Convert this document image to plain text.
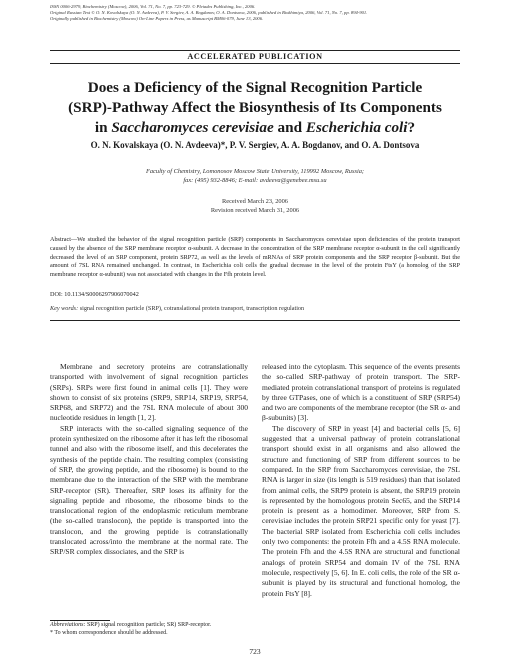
ISSN 0006-2979, Biochemistry (Moscow), 2006, Vol. 71, No. 7, pp. 723-729. © Pleiades Publishing, Inc., 2006.
Original Russian Text © O. N. Kovalskaya (O. N. Avdeeva), P. V. Sergiev, A. A. Bogdanov, O. A. Dontsova, 2006, published in Biokhimiya, 2006, Vol. 71, No. 7, pp. 894-901.
Originally published in Biochemistry (Moscow) On-Line Papers in Press, as Manuscript BM06-079, June 13, 2006.
ACCELERATED PUBLICATION
Does a Deficiency of the Signal Recognition Particle
(SRP)-Pathway Affect the Biosynthesis of Its Components
in Saccharomyces cerevisiae and Escherichia coli?
O. N. Kovalskaya (O. N. Avdeeva)*, P. V. Sergiev, A. A. Bogdanov, and O. A. Dontsova
Faculty of Chemistry, Lomonosov Moscow State University, 119992 Moscow, Russia;
fax: (495) 932-8846; E-mail: avdeeva@genebee.msu.su
Received March 23, 2006
Revision received March 31, 2006
Abstract—We studied the behavior of the signal recognition particle (SRP) components in Saccharomyces cerevisiae upon deficiencies of the protein transport caused by the absence of the SRP membrane receptor α-subunit. A decrease in the concentration of the SRP membrane receptor α-subunit in the cell significantly decreased the level of an SRP component, protein SRP72, as well as the levels of mRNAs of SRP protein components and the SRP receptor β-subunit. But the amount of 7SL RNA remained unchanged. In contrast, in Escherichia coli cells the gradual decrease in the level of the protein FtsY (a homolog of the SRP membrane receptor α-subunit) was not associated with changes in the Ffh protein level.
DOI: 10.1134/S0006297906070042
Key words: signal recognition particle (SRP), cotranslational protein transport, transcription regulation

Membrane and secretory proteins are cotranslationally transported with involvement of signal recognition particles (SRPs). SRPs were first found in animal cells [1]. They were shown to consist of six proteins (SRP9, SRP14, SRP19, SRP54, SRP68, and SRP72) and the 7SL RNA molecule of about 300 nucleotide residues in length [1, 2].

SRP interacts with the so-called signaling sequence of the protein synthesized on the ribosome after it has left the ribosomal tunnel and also with the ribosome itself, and this decelerates the synthesis of the peptide chain. The resulting complex (consisting of SRP, the growing peptide, and the ribosome) is bound to the membrane due to the interaction of the SRP with the membrane SRP-receptor (SR). Thereafter, SRP loses its affinity for the signaling peptide and ribosome, the ribosome binds to the translocational region of the endoplasmic reticulum membrane (the so-called translocon), the peptide is transported into the translocon, and the growing peptide is cotranslationally translocated across/into the membrane at the normal rate. The SRP/SR complex dissociates, and the SRP is

released into the cytoplasm. This sequence of the events presents the so-called SRP-pathway of protein transport. The SRP-mediated protein cotranslational transport of proteins is regulated by three GTPases, one of which is a constituent of SRP (SRP54) and two are components of the membrane receptor (the SR α- and β-subunits) [3].

The discovery of SRP in yeast [4] and bacterial cells [5, 6] suggested that a universal pathway of protein cotranslational transport should exist in all organisms and also allowed the structure and functioning of SRP from different sources to be compared. In the SRP from Saccharomyces cerevisiae, the 7SL RNA is larger in size (its length is 519 residues) than that isolated from animal cells, the SRP9 protein is absent, the SRP19 protein is represented by the homologous protein Sec65, and the SRP14 protein is present as a homodimer. Moreover, SRP from S. cerevisiae includes the protein SRP21 specific only for yeast [7]. The bacterial SRP isolated from Escherichia coli cells includes only two components: the protein Ffh and a 4.5S RNA molecule. The protein Ffh and the 4.5S RNA are structural and functional analogs of protein SRP54 and domain IV of the 7SL RNA molecule, respectively [5, 6]. In E. coli cells, the role of the SR α-subunit is played by its structural and functional homolog, the protein FtsY [8].

Abbreviations: SRP) signal recognition particle; SR) SRP-receptor.
* To whom correspondence should be addressed.
723
